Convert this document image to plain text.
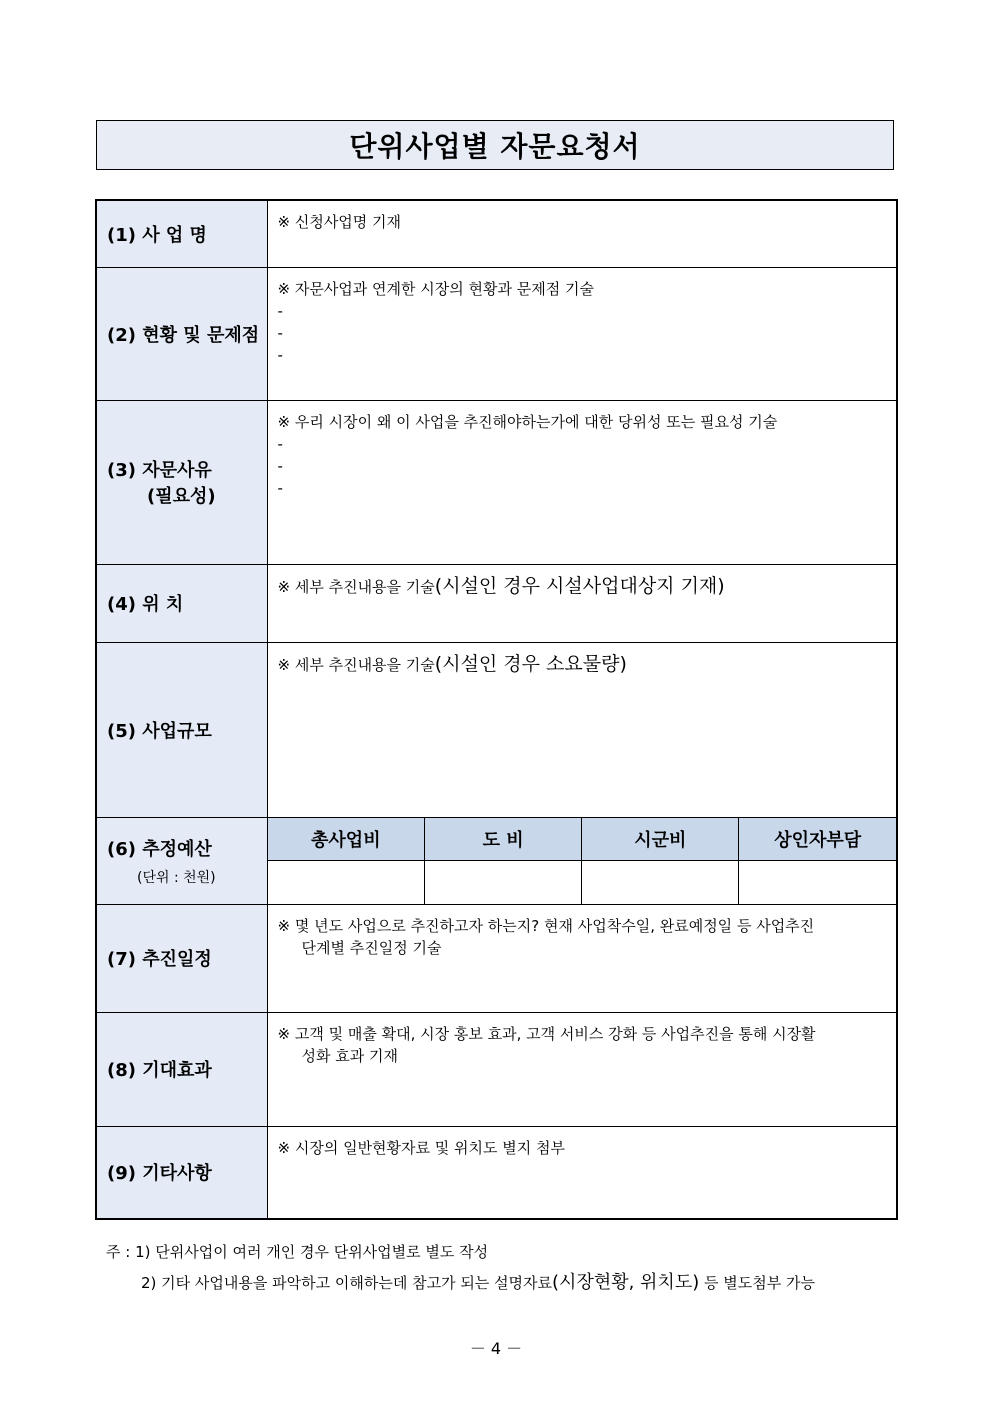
단위사업별 자문요청서
(1) 사 업 명	
※ 신청사업명 기재

(2) 현황 및 문제점	
※ 자문사업과 연계한 시장의 현황과 문제점 기술
-
-
-

(3) 자문사유
(필요성)

※ 우리 시장이 왜 이 사업을 추진해야하는가에 대한 당위성 또는 필요성 기술
-
-
-

(4) 위 치	
※ 세부 추진내용을 기술(시설인 경우 시설사업대상지 기재)

(5) 사업규모	
※ 세부 추진내용을 기술(시설인 경우 소요물량)

(6) 추정예산
(단위 : 천원)

총사업비	도 비	시군비	상인자부담

(7) 추진일정	
※ 몇 년도 사업으로 추진하고자 하는지? 현재 사업착수일, 완료예정일 등 사업추진
단계별 추진일정 기술

(8) 기대효과	
※ 고객 및 매출 확대, 시장 홍보 효과, 고객 서비스 강화 등 사업추진을 통해 시장활
성화 효과 기재

(9) 기타사항	
※ 시장의 일반현황자료 및 위치도 별지 첨부
주 : 1) 단위사업이 여러 개인 경우 단위사업별로 별도 작성
2) 기타 사업내용을 파악하고 이해하는데 참고가 되는 설명자료(시장현황, 위치도) 등 별도첨부 가능
－ 4 －
